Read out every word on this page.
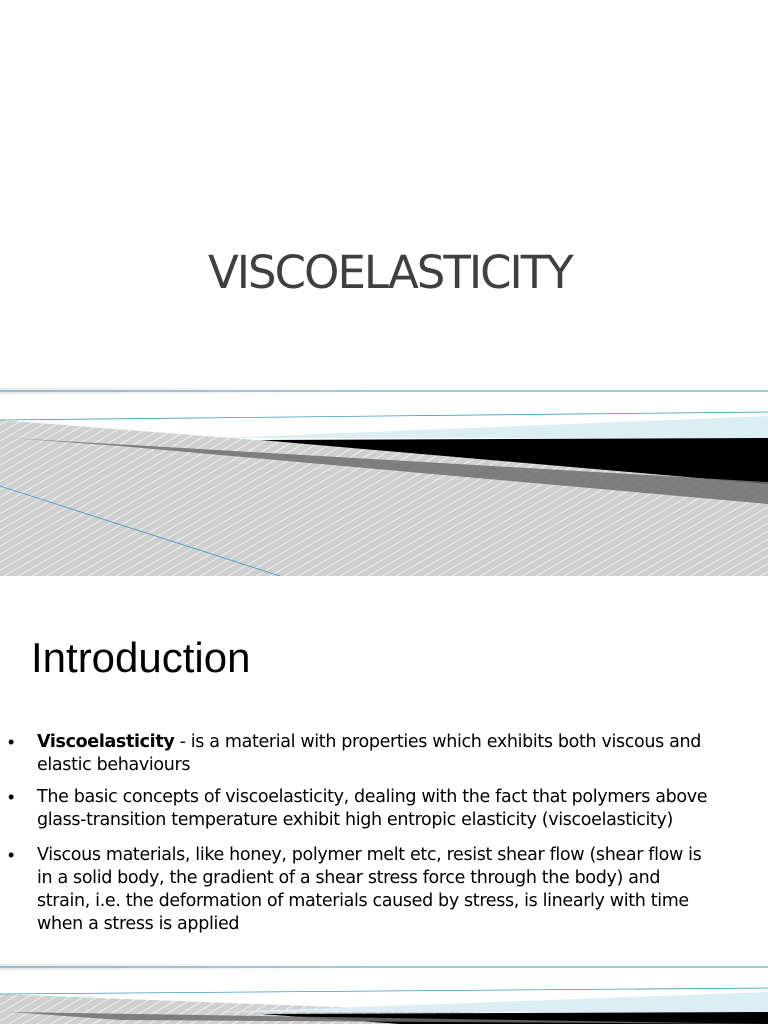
VISCOELASTICITY
Introduction
• Viscoelasticity - is a material with properties which exhibits both viscous and elastic behaviours
• The basic concepts of viscoelasticity, dealing with the fact that polymers above glass-transition temperature exhibit high entropic elasticity (viscoelasticity)
• Viscous materials, like honey, polymer melt etc, resist shear flow (shear flow is in a solid body, the gradient of a shear stress force through the body) and strain, i.e. the deformation of materials caused by stress, is linearly with time when a stress is applied
